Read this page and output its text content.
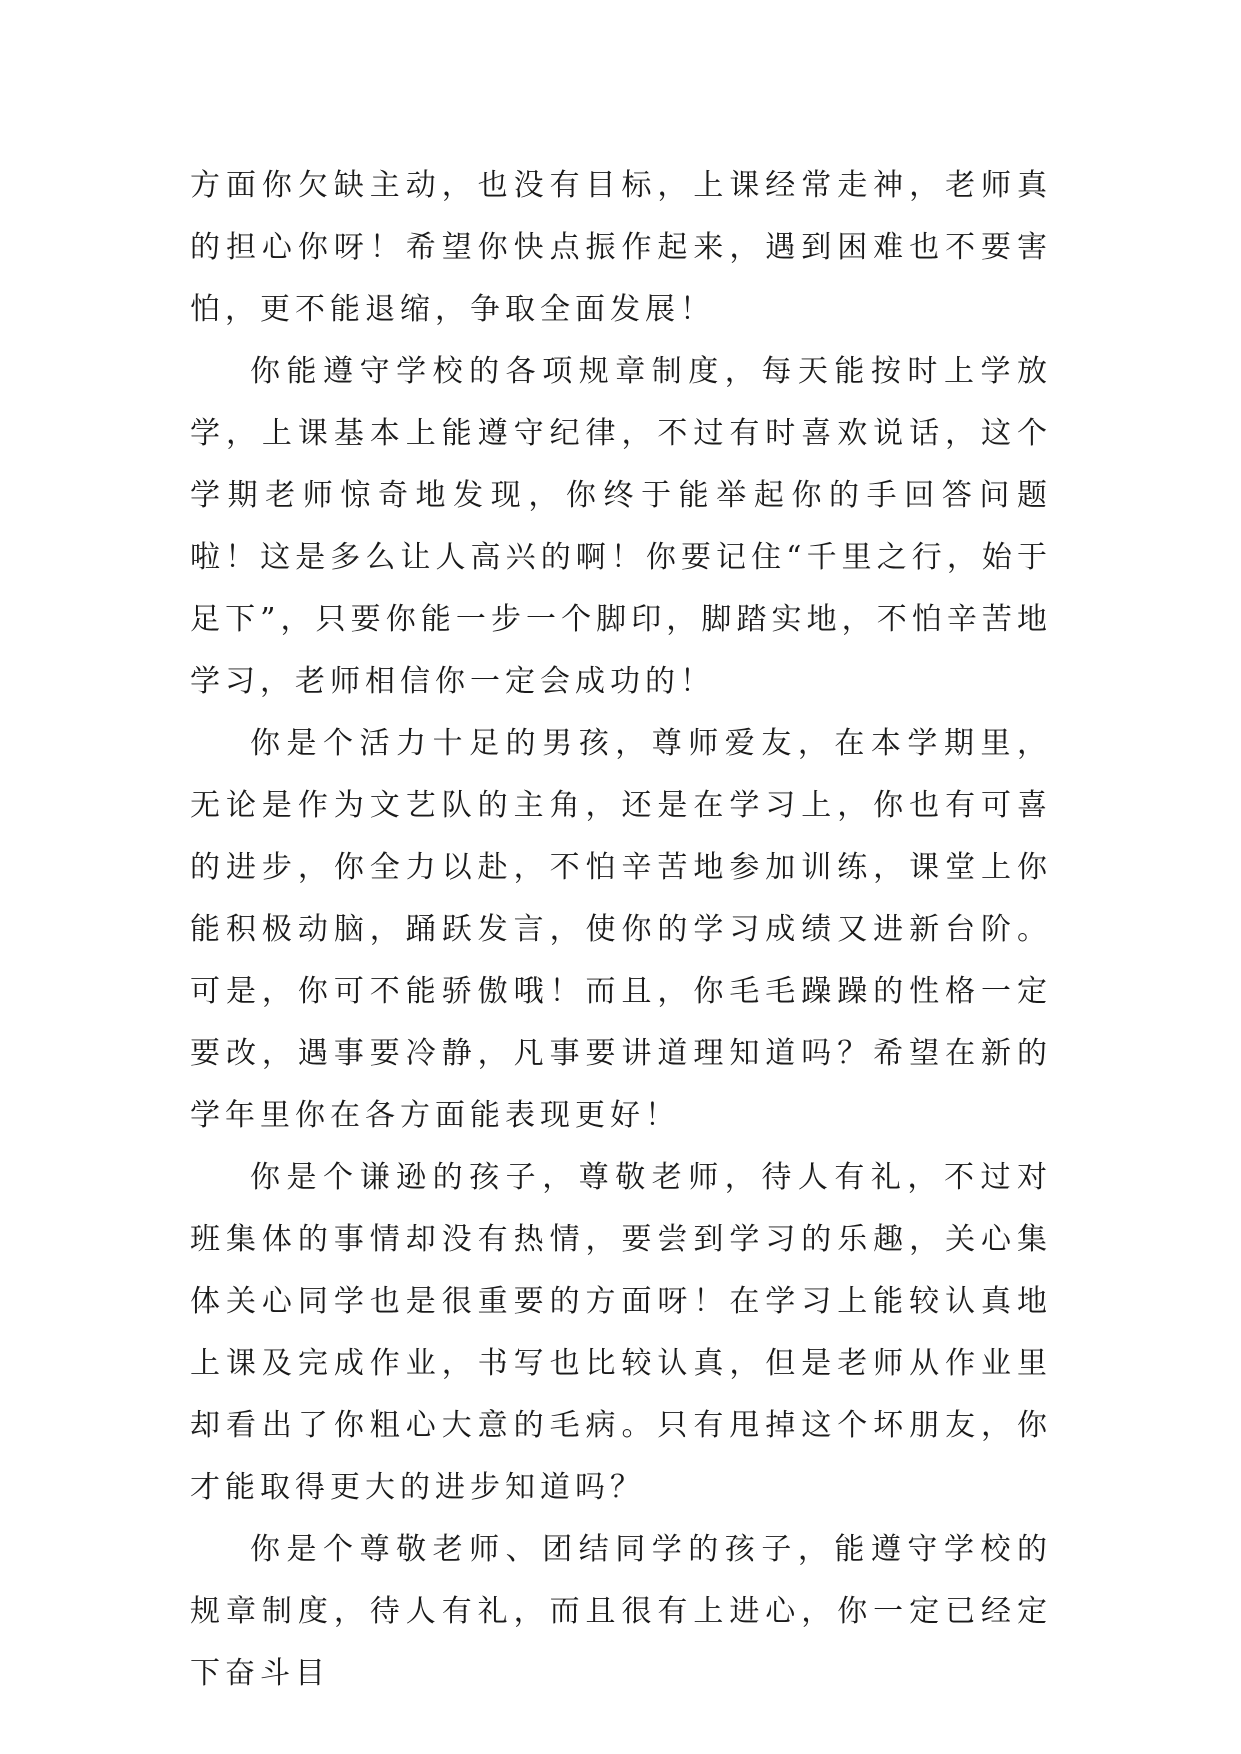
方面你欠缺主动，也没有目标，上课经常走神，老师真的担心你呀！希望你快点振作起来，遇到困难也不要害怕，更不能退缩，争取全面发展！

你能遵守学校的各项规章制度，每天能按时上学放学，上课基本上能遵守纪律，不过有时喜欢说话，这个学期老师惊奇地发现，你终于能举起你的手回答问题啦！这是多么让人高兴的啊！你要记住“千里之行，始于足下”，只要你能一步一个脚印，脚踏实地，不怕辛苦地学习，老师相信你一定会成功的！

你是个活力十足的男孩，尊师爱友，在本学期里，无论是作为文艺队的主角，还是在学习上，你也有可喜的进步，你全力以赴，不怕辛苦地参加训练，课堂上你能积极动脑，踊跃发言，使你的学习成绩又进新台阶。可是，你可不能骄傲哦！而且，你毛毛躁躁的性格一定要改，遇事要冷静，凡事要讲道理知道吗？希望在新的学年里你在各方面能表现更好！

你是个谦逊的孩子，尊敬老师，待人有礼，不过对班集体的事情却没有热情，要尝到学习的乐趣，关心集体关心同学也是很重要的方面呀！在学习上能较认真地上课及完成作业，书写也比较认真，但是老师从作业里却看出了你粗心大意的毛病。只有甩掉这个坏朋友，你才能取得更大的进步知道吗？

你是个尊敬老师、团结同学的孩子，能遵守学校的规章制度，待人有礼，而且很有上进心，你一定已经定下奋斗目
